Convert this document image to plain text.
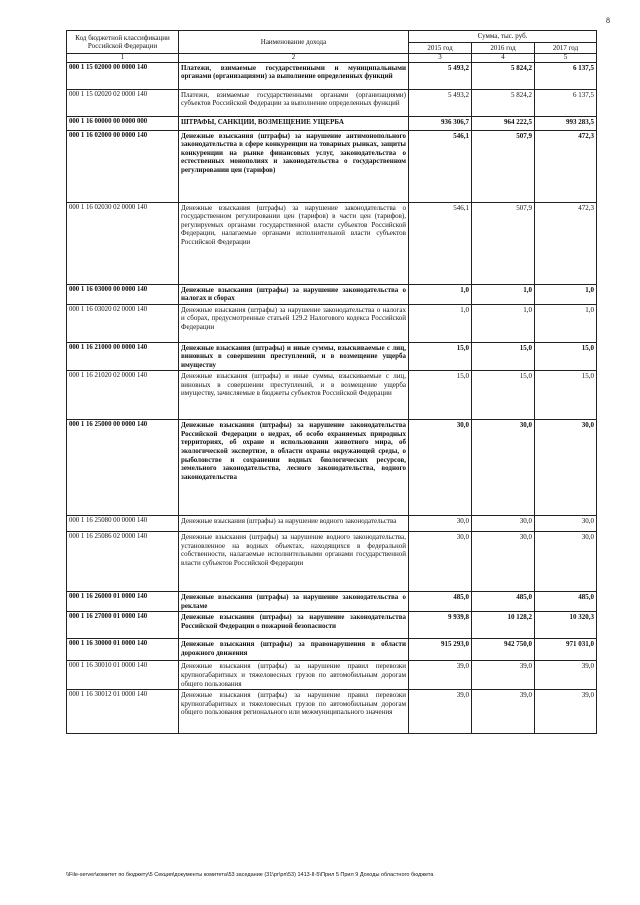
8
Код бюджетной классификации Российской Федерации	Наименование дохода	Сумма, тыс. руб.		
		2015 год	2016 год	2017 год
1	2	3	4	5
000 1 15 02000 00 0000 140	Платежи, взимаемые государственными и муниципальными органами (организациями) за выполнение определенных функций	5 493,2	5 824,2	6 137,5
000 1 15 02020 02 0000 140	Платежи, взимаемые государственными органами (организациями) субъектов Российской Федерации за выполнение определенных функций	5 493,2	5 824,2	6 137,5
000 1 16 00000 00 0000 000	ШТРАФЫ, САНКЦИИ, ВОЗМЕЩЕНИЕ УЩЕРБА	936 306,7	964 222,5	993 283,5
000 1 16 02000 00 0000 140	Денежные взыскания (штрафы) за нарушение антимонопольного законодательства в сфере конкуренции на товарных рынках, защиты конкуренции на рынке финансовых услуг, законодательства о естественных монополиях и законодательства о государственном регулировании цен (тарифов)	546,1	507,9	472,3
000 1 16 02030 02 0000 140	Денежные взыскания (штрафы) за нарушение законодательства о государственном регулировании цен (тарифов) в части цен (тарифов), регулируемых органами государственной власти субъектов Российской Федерации, налагаемые органами исполнительной власти субъектов Российской Федерации	546,1	507,9	472,3
000 1 16 03000 00 0000 140	Денежные взыскания (штрафы) за нарушение законодательства о налогах и сборах	1,0	1,0	1,0
000 1 16 03020 02 0000 140	Денежные взыскания (штрафы) за нарушение законодательства о налогах и сборах, предусмотренные статьей 129.2 Налогового кодекса Российской Федерации	1,0	1,0	1,0
000 1 16 21000 00 0000 140	Денежные взыскания (штрафы) и иные суммы, взыскиваемые с лиц, виновных в совершении преступлений, и в возмещение ущерба имуществу	15,0	15,0	15,0
000 1 16 21020 02 0000 140	Денежные взыскания (штрафы) и иные суммы, взыскиваемые с лиц, виновных в совершении преступлений, и в возмещение ущерба имуществу, зачисляемые в бюджеты субъектов Российской Федерации	15,0	15,0	15,0
000 1 16 25000 00 0000 140	Денежные взыскания (штрафы) за нарушение законодательства Российской Федерации о недрах, об особо охраняемых природных территориях, об охране и использовании животного мира, об экологической экспертизе, в области охраны окружающей среды, о рыболовстве и сохранении водных биологических ресурсов, земельного законодательства, лесного законодательства, водного законодательства	30,0	30,0	30,0
000 1 16 25080 00 0000 140	Денежные взыскания (штрафы) за нарушение водного законодательства	30,0	30,0	30,0
000 1 16 25086 02 0000 140	Денежные взыскания (штрафы) за нарушение водного законодательства, установленное на водных объектах, находящихся в федеральной собственности, налагаемые исполнительными органами государственной власти субъектов Российской Федерации	30,0	30,0	30,0
000 1 16 26000 01 0000 140	Денежные взыскания (штрафы) за нарушение законодательства о рекламе	485,0	485,0	485,0
000 1 16 27000 01 0000 140	Денежные взыскания (штрафы) за нарушение законодательства Российской Федерации о пожарной безопасности	9 939,8	10 128,2	10 320,3
000 1 16 30000 01 0000 140	Денежные взыскания (штрафы) за правонарушения в области дорожного движения	915 293,0	942 750,0	971 031,0
000 1 16 30010 01 0000 140	Денежные взыскания (штрафы) за нарушение правил перевозки крупногабаритных и тяжеловесных грузов по автомобильным дорогам общего пользования	39,0	39,0	39,0
000 1 16 30012 01 0000 140	Денежные взыскания (штрафы) за нарушение правил перевозки крупногабаритных и тяжеловесных грузов по автомобильным дорогам общего пользования регионального или межмуниципального значения	39,0	39,0	39,0
\\File-server\комитет по бюджету\5 Секция\документы комитета\53 заседание (31\рг\рп\53) 1413-II-5\Прил 5 Прил 9 Доходы областного бюджета
